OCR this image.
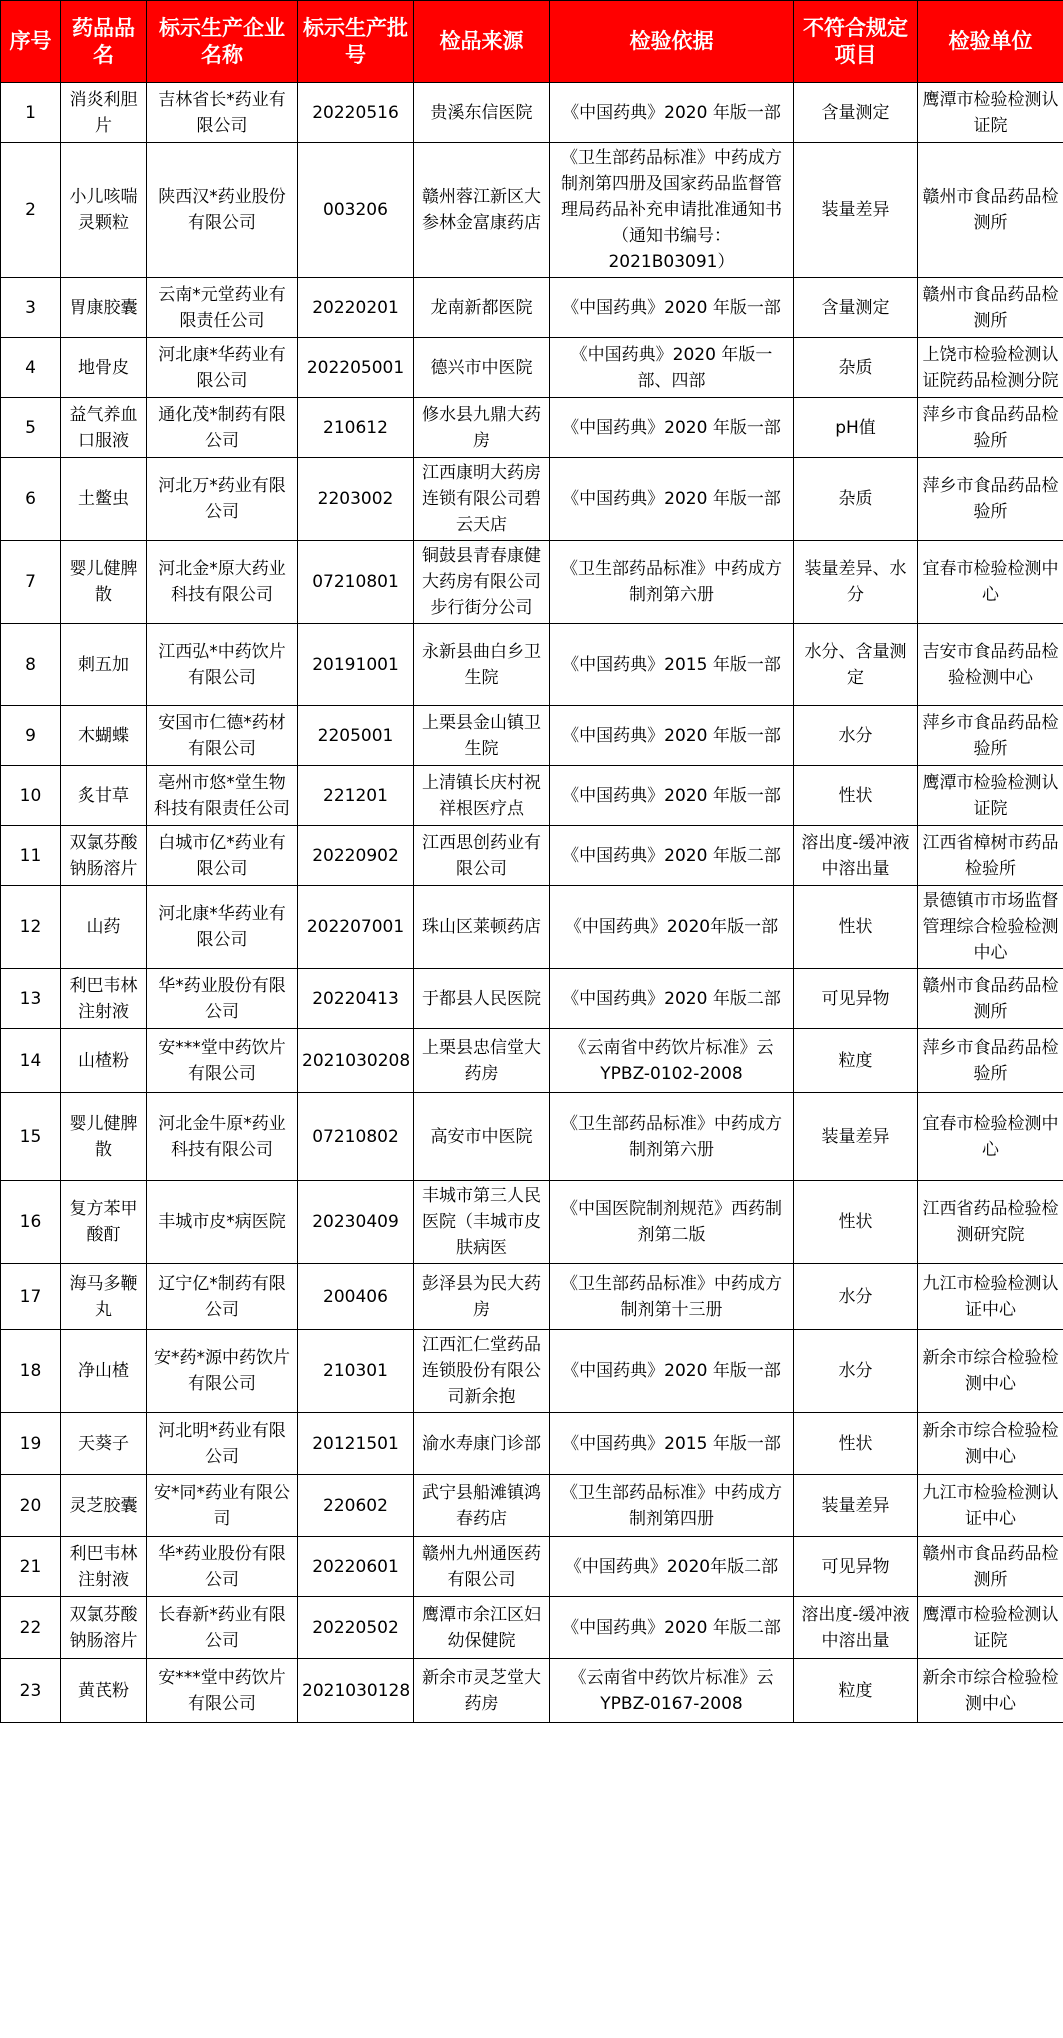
序号	药品品名	标示生产企业名称	标示生产批号	检品来源	检验依据	不符合规定项目	检验单位
1	消炎利胆片	吉林省长*药业有限公司	20220516	贵溪东信医院	《中国药典》2020 年版一部	含量测定	鹰潭市检验检测认证院
2	小儿咳喘灵颗粒	陕西汉*药业股份有限公司	003206	赣州蓉江新区大参林金富康药店	《卫生部药品标准》中药成方制剂第四册及国家药品监督管理局药品补充申请批准通知书（通知书编号：2021B03091）	装量差异	赣州市食品药品检测所
3	胃康胶囊	云南*元堂药业有限责任公司	20220201	龙南新都医院	《中国药典》2020 年版一部	含量测定	赣州市食品药品检测所
4	地骨皮	河北康*华药业有限公司	202205001	德兴市中医院	《中国药典》2020 年版一部、四部	杂质	上饶市检验检测认证院药品检测分院
5	益气养血口服液	通化茂*制药有限公司	210612	修水县九鼎大药房	《中国药典》2020 年版一部	pH值	萍乡市食品药品检验所
6	土鳖虫	河北万*药业有限公司	2203002	江西康明大药房连锁有限公司碧云天店	《中国药典》2020 年版一部	杂质	萍乡市食品药品检验所
7	婴儿健脾散	河北金*原大药业科技有限公司	07210801	铜鼓县青春康健大药房有限公司步行街分公司	《卫生部药品标准》中药成方制剂第六册	装量差异、水分	宜春市检验检测中心
8	刺五加	江西弘*中药饮片有限公司	20191001	永新县曲白乡卫生院	《中国药典》2015 年版一部	水分、含量测定	吉安市食品药品检验检测中心
9	木蝴蝶	安国市仁德*药材有限公司	2205001	上栗县金山镇卫生院	《中国药典》2020 年版一部	水分	萍乡市食品药品检验所
10	炙甘草	亳州市悠*堂生物科技有限责任公司	221201	上清镇长庆村祝祥根医疗点	《中国药典》2020 年版一部	性状	鹰潭市检验检测认证院
11	双氯芬酸钠肠溶片	白城市亿*药业有限公司	20220902	江西思创药业有限公司	《中国药典》2020 年版二部	溶出度-缓冲液中溶出量	江西省樟树市药品检验所
12	山药	河北康*华药业有限公司	202207001	珠山区莱顿药店	《中国药典》2020年版一部	性状	景德镇市市场监督管理综合检验检测中心
13	利巴韦林注射液	华*药业股份有限公司	20220413	于都县人民医院	《中国药典》2020 年版二部	可见异物	赣州市食品药品检测所
14	山楂粉	安***堂中药饮片有限公司	2021030208	上栗县忠信堂大药房	《云南省中药饮片标准》云YPBZ-0102-2008	粒度	萍乡市食品药品检验所
15	婴儿健脾散	河北金牛原*药业科技有限公司	07210802	高安市中医院	《卫生部药品标准》中药成方制剂第六册	装量差异	宜春市检验检测中心
16	复方苯甲酸酊	丰城市皮*病医院	20230409	丰城市第三人民医院（丰城市皮肤病医	《中国医院制剂规范》西药制剂第二版	性状	江西省药品检验检测研究院
17	海马多鞭丸	辽宁亿*制药有限公司	200406	彭泽县为民大药房	《卫生部药品标准》中药成方制剂第十三册	水分	九江市检验检测认证中心
18	净山楂	安*药*源中药饮片有限公司	210301	江西汇仁堂药品连锁股份有限公司新余抱	《中国药典》2020 年版一部	水分	新余市综合检验检测中心
19	天葵子	河北明*药业有限公司	20121501	渝水寿康门诊部	《中国药典》2015 年版一部	性状	新余市综合检验检测中心
20	灵芝胶囊	安*同*药业有限公司	220602	武宁县船滩镇鸿春药店	《卫生部药品标准》中药成方制剂第四册	装量差异	九江市检验检测认证中心
21	利巴韦林注射液	华*药业股份有限公司	20220601	赣州九州通医药有限公司	《中国药典》2020年版二部	可见异物	赣州市食品药品检测所
22	双氯芬酸钠肠溶片	长春新*药业有限公司	20220502	鹰潭市余江区妇幼保健院	《中国药典》2020 年版二部	溶出度-缓冲液中溶出量	鹰潭市检验检测认证院
23	黄芪粉	安***堂中药饮片有限公司	2021030128	新余市灵芝堂大药房	《云南省中药饮片标准》云 YPBZ-0167-2008	粒度	新余市综合检验检测中心
